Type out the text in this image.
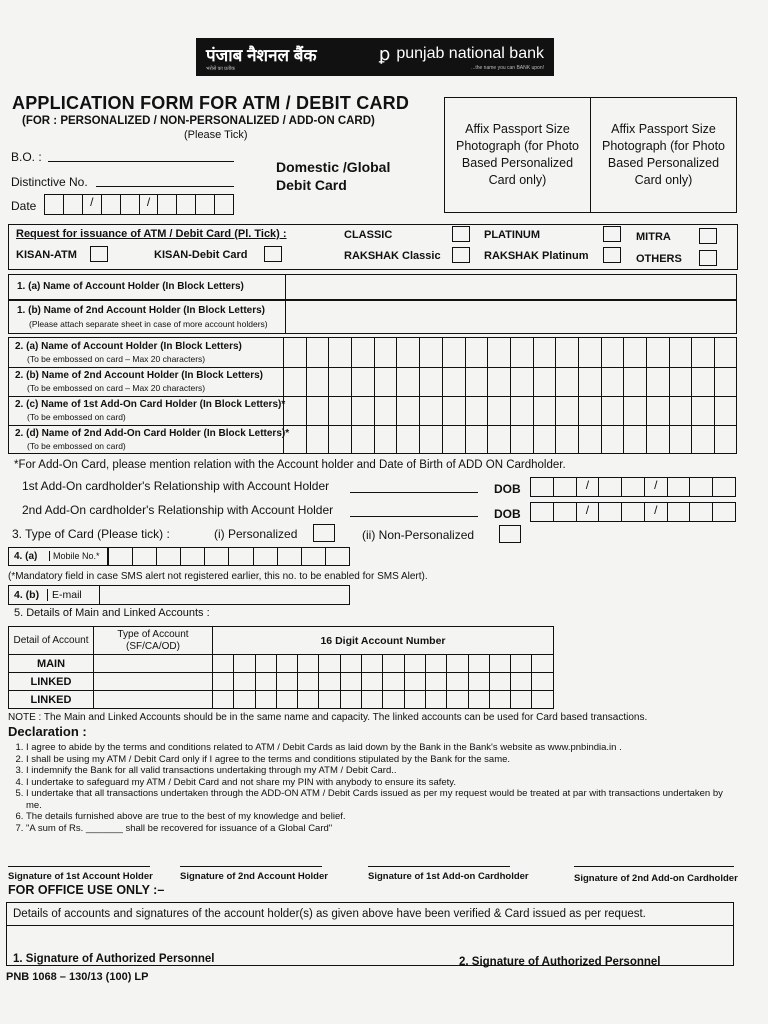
पंजाब नैशनल बैंक
भरोसे का प्रतीक
ꝑ punjab national bank
...the name you can BANK upon!
APPLICATION FORM FOR ATM / DEBIT CARD
(FOR : PERSONALIZED / NON-PERSONALIZED / ADD-ON CARD)
(Please Tick)
B.O. :
Distinctive No.
Date	/	/
Domestic /Global
Debit Card
Affix Passport Size Photograph (for Photo Based Personalized Card only)
Affix Passport Size Photograph (for Photo Based Personalized Card only)
Request for issuance of ATM / Debit Card (Pl. Tick) :	CLASSIC	PLATINUM	MITRA
KISAN-ATM	KISAN-Debit Card	RAKSHAK Classic	RAKSHAK Platinum	OTHERS
1. (a) Name of Account Holder (In Block Letters)
1. (b) Name of 2nd Account Holder (In Block Letters)
(Please attach separate sheet in case of more account holders)
2. (a) Name of Account Holder (In Block Letters)
(To be embossed on card – Max 20 characters)
2. (b) Name of 2nd Account Holder (In Block Letters)
(To be embossed on card – Max 20 characters)
2. (c) Name of 1st Add-On Card Holder (In Block Letters)*
(To be embossed on card)
2. (d) Name of 2nd Add-On Card Holder (In Block Letters)*
(To be embossed on card)
*For Add-On Card, please mention relation with the Account holder and Date of Birth of ADD ON Cardholder.
1st Add-On cardholder's Relationship with Account Holder	DOB	/	/
2nd Add-On cardholder's Relationship with Account Holder	DOB	/	/
3. Type of Card (Please tick) :	(i) Personalized	(ii) Non-Personalized
4. (a)	Mobile No.*
(*Mandatory field in case SMS alert not registered earlier, this no. to be enabled for SMS Alert).
4. (b)	E-mail
5. Details of Main and Linked Accounts :
Detail of Account	Type of Account (SF/CA/OD)	16 Digit Account Number															
MAIN																	
LINKED																	
LINKED																	
NOTE : The Main and Linked Accounts should be in the same name and capacity. The linked accounts can be used for Card based transactions.
Declaration :
1. I agree to abide by the terms and conditions related to ATM / Debit Cards as laid down by the Bank in the Bank's website as www.pnbindia.in .
2. I shall be using my ATM / Debit Card only if I agree to the terms and conditions stipulated by the Bank for the same.
3. I indemnify the Bank for all valid transactions undertaking through my ATM / Debit Card..
4. I undertake to safeguard my ATM / Debit Card and not share my PIN with anybody to ensure its safety.
5. I undertake that all transactions undertaken through the ADD-ON ATM / Debit Cards issued as per my request would be treated at par with transactions undertaken by me.
6. The details furnished above are true to the best of my knowledge and belief.
7. "A sum of Rs. _______ shall be recovered for issuance of a Global Card"
Signature of 1st Account Holder	Signature of 2nd Account Holder	Signature of 1st Add-on Cardholder	Signature of 2nd Add-on Cardholder
FOR OFFICE USE ONLY :–
Details of accounts and signatures of the account holder(s) as given above have been verified & Card issued as per request.
1. Signature of Authorized Personnel	2. Signature of Authorized Personnel
PNB 1068 – 130/13 (100) LP
